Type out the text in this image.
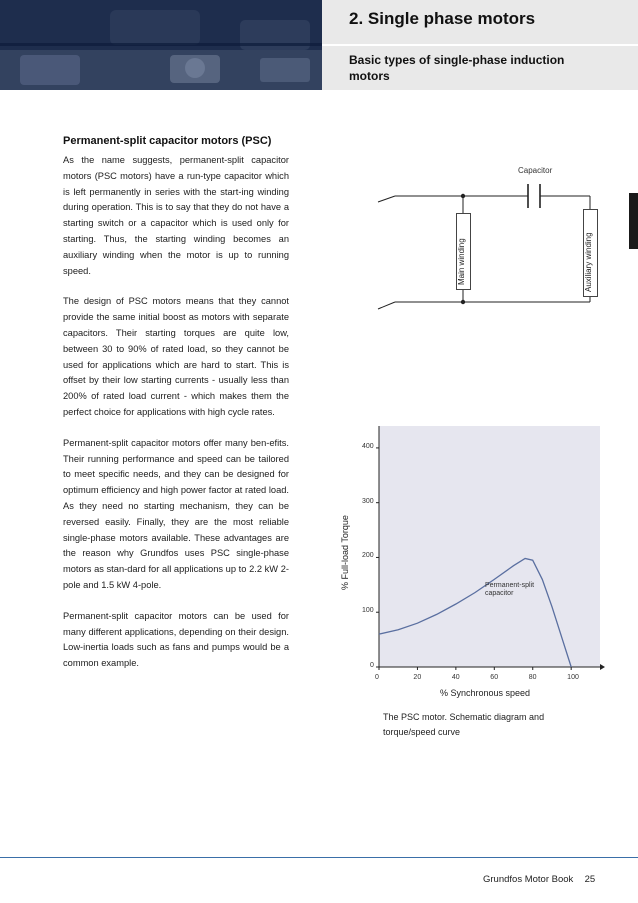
2. Single phase motors
Basic types of single-phase induction motors
Permanent-split capacitor motors (PSC)

As the name suggests, permanent-split capacitor motors (PSC motors) have a run-type capacitor which is left permanently in series with the start-ing winding during operation. This is to say that they do not have a starting switch or a capacitor which is used only for starting. Thus, the starting winding becomes an auxiliary winding when the motor is up to running speed.

The design of PSC motors means that they cannot provide the same initial boost as motors with separate capacitors. Their starting torques are quite low, between 30 to 90% of rated load, so they cannot be used for applications which are hard to start. This is offset by their low starting currents - usually less than 200% of rated load current - which makes them the perfect choice for applications with high cycle rates.

Permanent-split capacitor motors offer many ben-efits. Their running performance and speed can be tailored to meet specific needs, and they can be designed for optimum efficiency and high power factor at rated load. As they need no starting mechanism, they can be reversed easily. Finally, they are the most reliable single-phase motors available. These advantages are the reason why Grundfos uses PSC single-phase motors as stan-dard for all applications up to 2.2 kW 2-pole and 1.5 kW 4-pole.

Permanent-split capacitor motors can be used for many different applications, depending on their design. Low-inertia loads such as fans and pumps would be a common example.

Capacitor
Main winding	Auxiliary winding
0	20	40	60	80	100
0
100
200
300
400
% Full-load Torque
% Synchronous speed
Permanent-split capacitor
The PSC motor. Schematic diagram and torque/speed curve
Grundfos Motor Book 25
